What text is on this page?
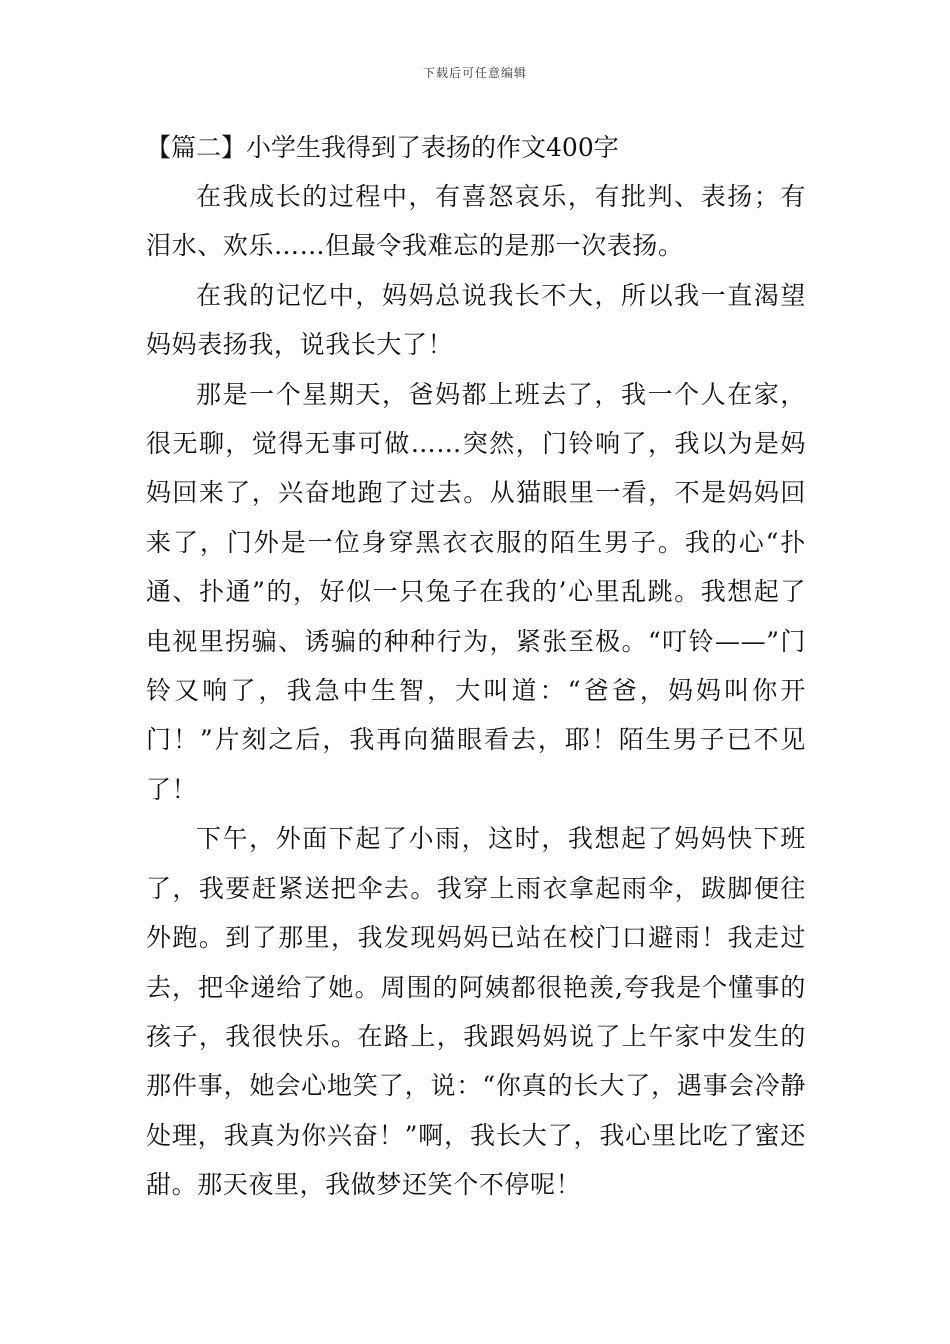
下载后可任意编辑
【篇二】小学生我得到了表扬的作文400字

在我成长的过程中，有喜怒哀乐，有批判、表扬；有泪水、欢乐……但最令我难忘的是那一次表扬。

在我的记忆中，妈妈总说我长不大，所以我一直渴望妈妈表扬我，说我长大了！

那是一个星期天，爸妈都上班去了，我一个人在家，很无聊，觉得无事可做……突然，门铃响了，我以为是妈妈回来了，兴奋地跑了过去。从猫眼里一看，不是妈妈回来了，门外是一位身穿黑衣衣服的陌生男子。我的心“扑通、扑通”的，好似一只兔子在我的’心里乱跳。我想起了电视里拐骗、诱骗的种种行为，紧张至极。“叮铃——”门铃又响了，我急中生智，大叫道：“爸爸，妈妈叫你开门！”片刻之后，我再向猫眼看去，耶！陌生男子已不见了！

下午，外面下起了小雨，这时，我想起了妈妈快下班了，我要赶紧送把伞去。我穿上雨衣拿起雨伞，跋脚便往外跑。到了那里，我发现妈妈已站在校门口避雨！我走过去，把伞递给了她。周围的阿姨都很艳羡,夸我是个懂事的孩子，我很快乐。在路上，我跟妈妈说了上午家中发生的那件事，她会心地笑了，说：“你真的长大了，遇事会冷静处理，我真为你兴奋！”啊，我长大了，我心里比吃了蜜还甜。那天夜里，我做梦还笑个不停呢！
